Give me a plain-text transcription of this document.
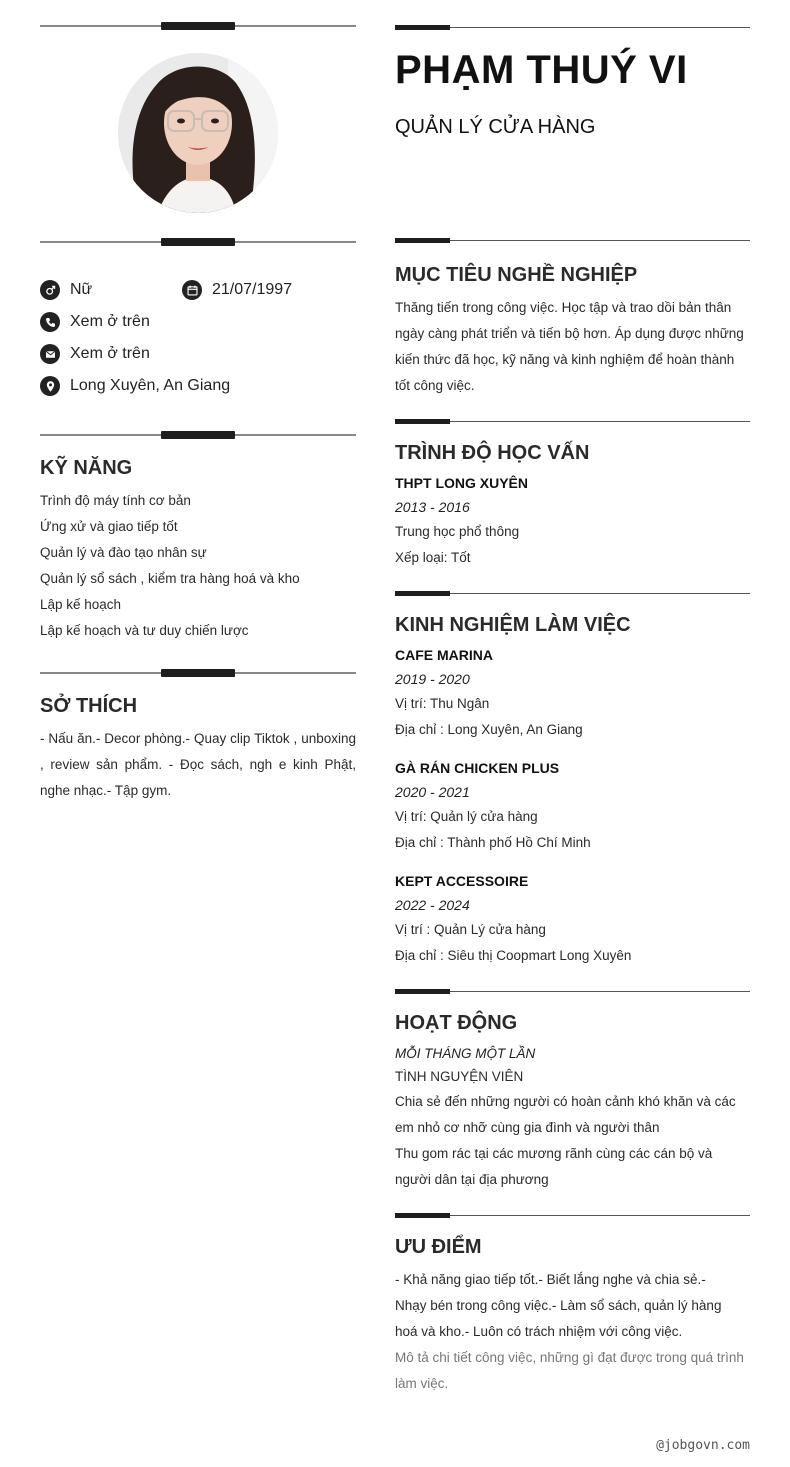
Nữ	21/07/1997
Xem ở trên
Xem ở trên
Long Xuyên, An Giang
KỸ NĂNG
Trình độ máy tính cơ bản
Ứng xử và giao tiếp tốt
Quản lý và đào tạo nhân sự
Quản lý sổ sách , kiểm tra hàng hoá và kho
Lập kế hoạch
Lập kế hoạch và tư duy chiến lược
SỞ THÍCH
- Nấu ăn.- Decor phòng.- Quay clip Tiktok , unboxing , review sản phẩm. - Đọc sách, ngh e kinh Phật, nghe nhạc.- Tập gym.
PHẠM THUÝ VI
QUẢN LÝ CỬA HÀNG
MỤC TIÊU NGHỀ NGHIỆP
Thăng tiến trong công việc. Học tập và trao dồi bản thân ngày càng phát triển và tiến bộ hơn. Áp dụng được những kiến thức đã học, kỹ năng và kinh nghiệm để hoàn thành tốt công việc.
TRÌNH ĐỘ HỌC VẤN
THPT LONG XUYÊN
2013 - 2016
Trung học phổ thông
Xếp loại: Tốt
KINH NGHIỆM LÀM VIỆC
CAFE MARINA
2019 - 2020
Vị trí: Thu Ngân
Địa chỉ : Long Xuyên, An Giang
GÀ RÁN CHICKEN PLUS
2020 - 2021
Vị trí: Quản lý cửa hàng
Địa chỉ : Thành phố Hồ Chí Minh
KEPT ACCESSOIRE
2022 - 2024
Vị trí : Quản Lý cửa hàng
Địa chỉ : Siêu thị Coopmart Long Xuyên
HOẠT ĐỘNG
MỖI THÁNG MỘT LẦN
TÌNH NGUYỆN VIÊN
Chia sẻ đến những người có hoàn cảnh khó khăn và các em nhỏ cơ nhỡ cùng gia đình và người thân
Thu gom rác tại các mương rãnh cùng các cán bộ và người dân tại địa phương
ƯU ĐIỂM
- Khả năng giao tiếp tốt.- Biết lắng nghe và chia sẻ.- Nhạy bén trong công việc.- Làm sổ sách, quản lý hàng hoá và kho.- Luôn có trách nhiệm với công việc.
Mô tả chi tiết công việc, những gì đạt được trong quá trình làm việc.
@jobgovn.com
